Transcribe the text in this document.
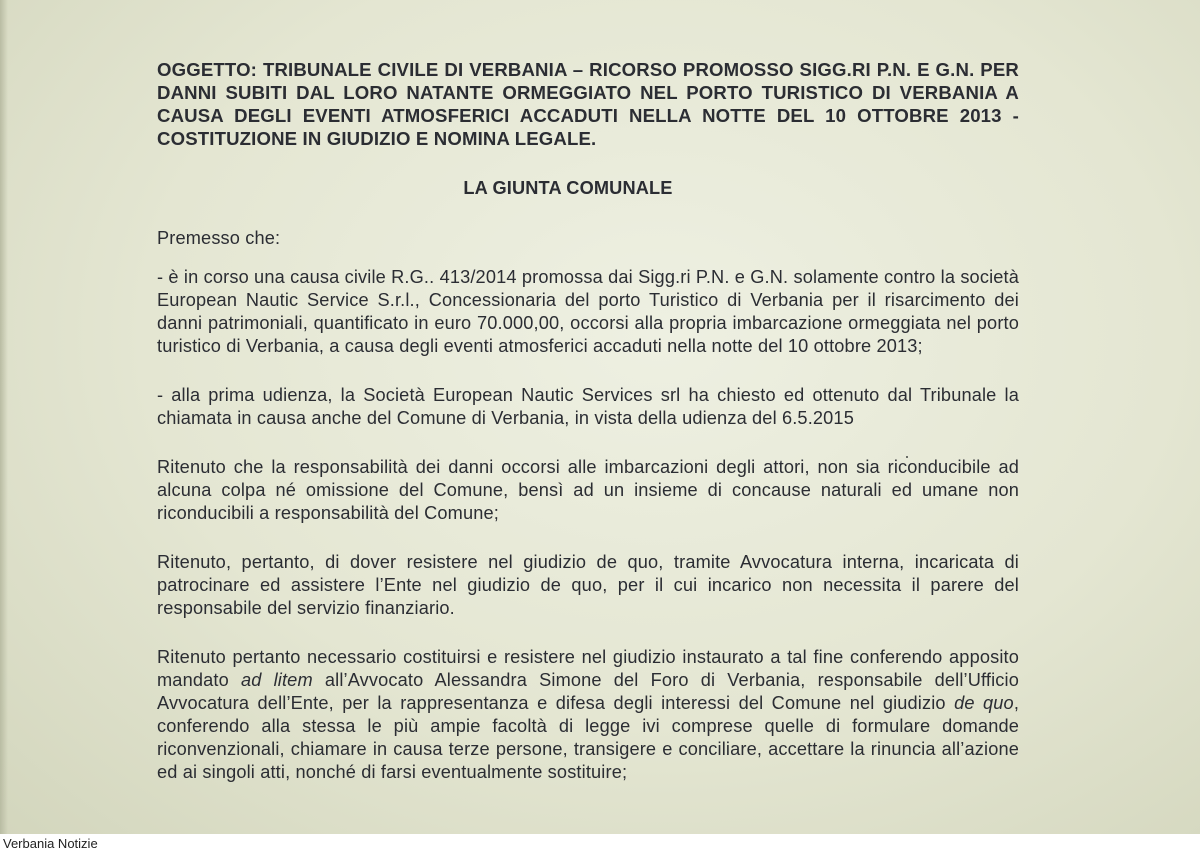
OGGETTO: TRIBUNALE CIVILE DI VERBANIA – RICORSO PROMOSSO SIGG.RI P.N. E G.N. PER DANNI SUBITI DAL LORO NATANTE ORMEGGIATO NEL PORTO TURISTICO DI VERBANIA A CAUSA DEGLI EVENTI ATMOSFERICI ACCADUTI NELLA NOTTE DEL 10 OTTOBRE 2013 - COSTITUZIONE IN GIUDIZIO E NOMINA LEGALE.

LA GIUNTA COMUNALE

Premesso che:

- è in corso una causa civile R.G.. 413/2014 promossa dai Sigg.ri P.N. e G.N. solamente contro la società European Nautic Service S.r.l., Concessionaria del porto Turistico di Verbania per il risarcimento dei danni patrimoniali, quantificato in euro 70.000,00, occorsi alla propria imbarcazione ormeggiata nel porto turistico di Verbania, a causa degli eventi atmosferici accaduti nella notte del 10 ottobre 2013;

- alla prima udienza, la Società European Nautic Services srl ha chiesto ed ottenuto dal Tribunale la chiamata in causa anche del Comune di Verbania, in vista della udienza del 6.5.2015

Ritenuto che la responsabilità dei danni occorsi alle imbarcazioni degli attori, non sia riconducibile ad alcuna colpa né omissione del Comune, bensì ad un insieme di concause naturali ed umane non riconducibili a responsabilità del Comune;

Ritenuto, pertanto, di dover resistere nel giudizio de quo, tramite Avvocatura interna, incaricata di patrocinare ed assistere l’Ente nel giudizio de quo, per il cui incarico non necessita il parere del responsabile del servizio finanziario.

Ritenuto pertanto necessario costituirsi e resistere nel giudizio instaurato a tal fine conferendo apposito mandato ad litem all’Avvocato Alessandra Simone del Foro di Verbania, responsabile dell’Ufficio Avvocatura dell’Ente, per la rappresentanza e difesa degli interessi del Comune nel giudizio de quo, conferendo alla stessa le più ampie facoltà di legge ivi comprese quelle di formulare domande riconvenzionali, chiamare in causa terze persone, transigere e conciliare, accettare la rinuncia all’azione ed ai singoli atti, nonché di farsi eventualmente sostituire;

Verbania Notizie
